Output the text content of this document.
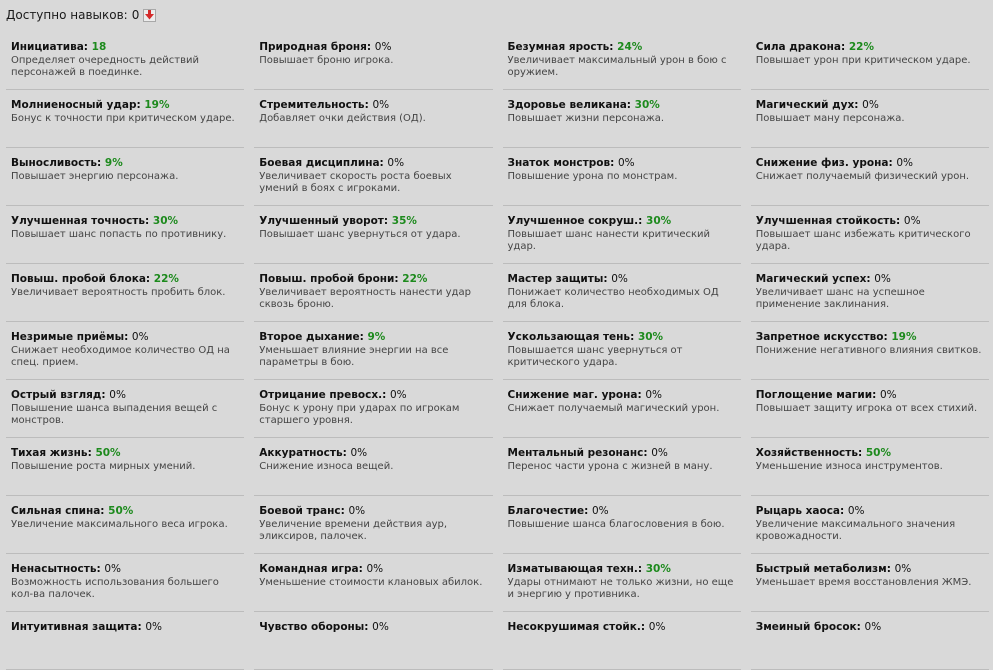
Доступно навыков: 0
Инициатива: 18
Определяет очередность действий персонажей в поединке.
Природная броня: 0%
Повышает броню игрока.
Безумная ярость: 24%
Увеличивает максимальный урон в бою с оружием.
Сила дракона: 22%
Повышает урон при критическом ударе.
Молниеносный удар: 19%
Бонус к точности при критическом ударе.
Стремительность: 0%
Добавляет очки действия (ОД).
Здоровье великана: 30%
Повышает жизни персонажа.
Магический дух: 0%
Повышает ману персонажа.
Выносливость: 9%
Повышает энергию персонажа.
Боевая дисциплина: 0%
Увеличивает скорость роста боевых умений в боях с игроками.
Знаток монстров: 0%
Повышение урона по монстрам.
Снижение физ. урона: 0%
Снижает получаемый физический урон.
Улучшенная точность: 30%
Повышает шанс попасть по противнику.
Улучшенный уворот: 35%
Повышает шанс увернуться от удара.
Улучшенное сокруш.: 30%
Повышает шанс нанести критический удар.
Улучшенная стойкость: 0%
Повышает шанс избежать критического удара.
Повыш. пробой блока: 22%
Увеличивает вероятность пробить блок.
Повыш. пробой брони: 22%
Увеличивает вероятность нанести удар сквозь броню.
Мастер защиты: 0%
Понижает количество необходимых ОД для блока.
Магический успех: 0%
Увеличивает шанс на успешное применение заклинания.
Незримые приёмы: 0%
Снижает необходимое количество ОД на спец. прием.
Второе дыхание: 9%
Уменьшает влияние энергии на все параметры в бою.
Ускользающая тень: 30%
Повышается шанс увернуться от критического удара.
Запретное искусство: 19%
Понижение негативного влияния свитков.
Острый взгляд: 0%
Повышение шанса выпадения вещей с монстров.
Отрицание превосх.: 0%
Бонус к урону при ударах по игрокам старшего уровня.
Снижение маг. урона: 0%
Снижает получаемый магический урон.
Поглощение магии: 0%
Повышает защиту игрока от всех стихий.
Тихая жизнь: 50%
Повышение роста мирных умений.
Аккуратность: 0%
Снижение износа вещей.
Ментальный резонанс: 0%
Перенос части урона с жизней в ману.
Хозяйственность: 50%
Уменьшение износа инструментов.
Сильная спина: 50%
Увеличение максимального веса игрока.
Боевой транс: 0%
Увеличение времени действия аур, эликсиров, палочек.
Благочестие: 0%
Повышение шанса благословения в бою.
Рыцарь хаоса: 0%
Увеличение максимального значения кровожадности.
Ненасытность: 0%
Возможность использования большего кол-ва палочек.
Командная игра: 0%
Уменьшение стоимости клановых абилок.
Изматывающая техн.: 30%
Удары отнимают не только жизни, но еще и энергию у противника.
Быстрый метаболизм: 0%
Уменьшает время восстановления ЖМЭ.
Интуитивная защита: 0%	Чувство обороны: 0%	Несокрушимая стойк.: 0%	Змеиный бросок: 0%
